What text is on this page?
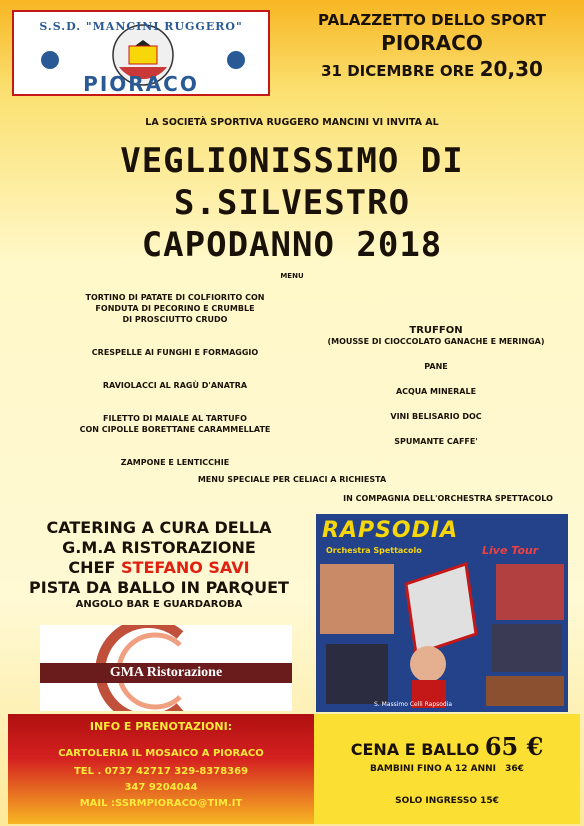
S.S.D. "MANCINI RUGGERO"
PIORACO
PALAZZETTO DELLO SPORT
PIORACO
31 DICEMBRE ORE 20,30
LA SOCIETÀ SPORTIVA RUGGERO MANCINI VI INVITA AL
VEGLIONISSIMO DI
S.SILVESTRO
CAPODANNO 2018
MENU
TORTINO DI PATATE DI COLFIORITO CON
FONDUTA DI PECORINO E CRUMBLE
DI PROSCIUTTO CRUDO
CRESPELLE AI FUNGHI E FORMAGGIO
RAVIOLACCI AL RAGÙ D'ANATRA
FILETTO DI MAIALE AL TARTUFO
CON CIPOLLE BORETTANE CARAMMELLATE
ZAMPONE E LENTICCHIE
TRUFFON
(MOUSSE DI CIOCCOLATO GANACHE E MERINGA)
PANE
ACQUA MINERALE
VINI BELISARIO DOC
SPUMANTE CAFFE'
MENU SPECIALE PER CELIACI A RICHIESTA
IN COMPAGNIA DELL'ORCHESTRA SPETTACOLO
CATERING A CURA DELLA
G.M.A RISTORAZIONE
CHEF STEFANO SAVI
PISTA DA BALLO IN PARQUET
ANGOLO BAR E GUARDAROBA
GMA Ristorazione
RAPSODIA
Orchestra Spettacolo	Live Tour
S. Massimo Celli Rapsodia
INFO E PRENOTAZIONI:
CARTOLERIA IL MOSAICO A PIORACO
TEL . 0737 42717 329-8378369
347 9204044
MAIL :SSRMPIORACO@TIM.IT
CENA E BALLO 65 €
BAMBINI FINO A 12 ANNI 36€
SOLO INGRESSO 15€
